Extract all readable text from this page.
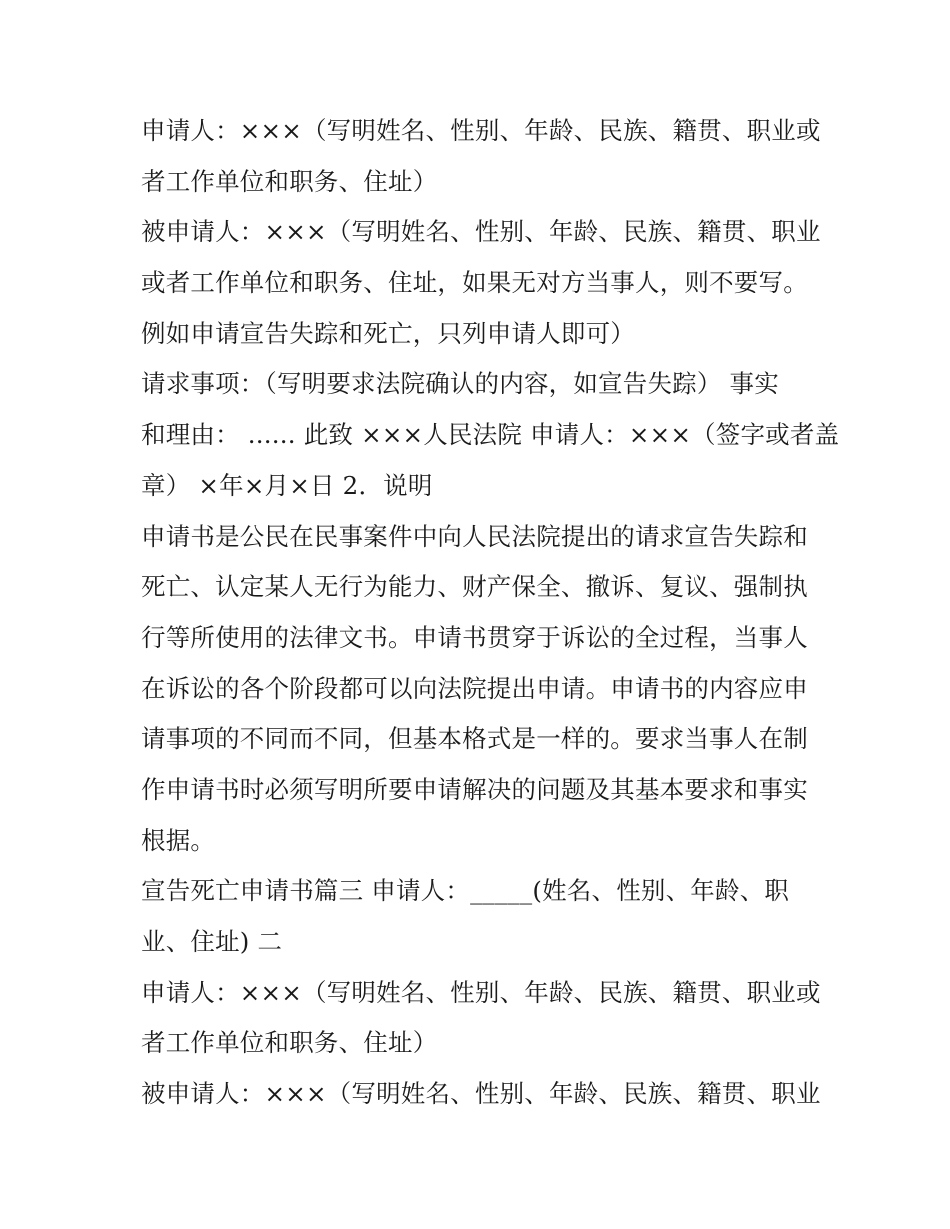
申请人：×××（写明姓名、性别、年龄、民族、籍贯、职业或
者工作单位和职务、住址）
被申请人：×××（写明姓名、性别、年龄、民族、籍贯、职业
或者工作单位和职务、住址，如果无对方当事人，则不要写。
例如申请宣告失踪和死亡，只列申请人即可）
请求事项：（写明要求法院确认的内容，如宣告失踪） 事实
和理由： ...... 此致 ×××人民法院 申请人：×××（签字或者盖
章） ×年×月×日 2．说明
申请书是公民在民事案件中向人民法院提出的请求宣告失踪和
死亡、认定某人无行为能力、财产保全、撤诉、复议、强制执
行等所使用的法律文书。申请书贯穿于诉讼的全过程，当事人
在诉讼的各个阶段都可以向法院提出申请。申请书的内容应申
请事项的不同而不同，但基本格式是一样的。要求当事人在制
作申请书时必须写明所要申请解决的问题及其基本要求和事实
根据。
宣告死亡申请书篇三 申请人：_____(姓名、性别、年龄、职
业、住址) 二
申请人：×××（写明姓名、性别、年龄、民族、籍贯、职业或
者工作单位和职务、住址）
被申请人：×××（写明姓名、性别、年龄、民族、籍贯、职业
